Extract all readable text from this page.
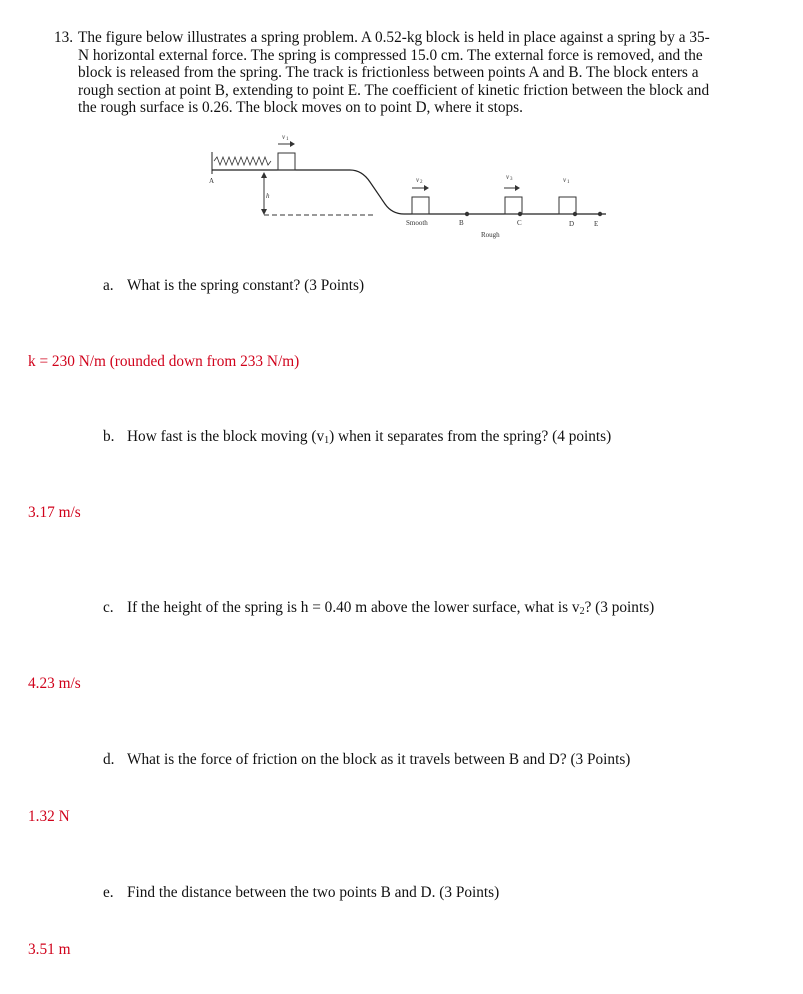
13. The figure below illustrates a spring problem. A 0.52-kg block is held in place against a spring by a 35-
N horizontal external force. The spring is compressed 15.0 cm. The external force is removed, and the
block is released from the spring. The track is frictionless between points A and B. The block enters a
rough section at point B, extending to point E. The coefficient of kinetic friction between the block and
the rough surface is 0.26. The block moves on to point D, where it stops.
v 1
A
h
v 2
Smooth	B	C	D	E
Rough
v 3	v 1
a. What is the spring constant? (3 Points)
k = 230 N/m (rounded down from 233 N/m)
b. How fast is the block moving $(v_1)$ when it separates from the spring? (4 points)
3.17 m/s
c. If the height of the spring is h = 0.40 m above the lower surface, what is $v_2$? (3 points)
4.23 m/s
d. What is the force of friction on the block as it travels between B and D? (3 Points)
1.32 N
e. Find the distance between the two points B and D. (3 Points)
3.51 m
